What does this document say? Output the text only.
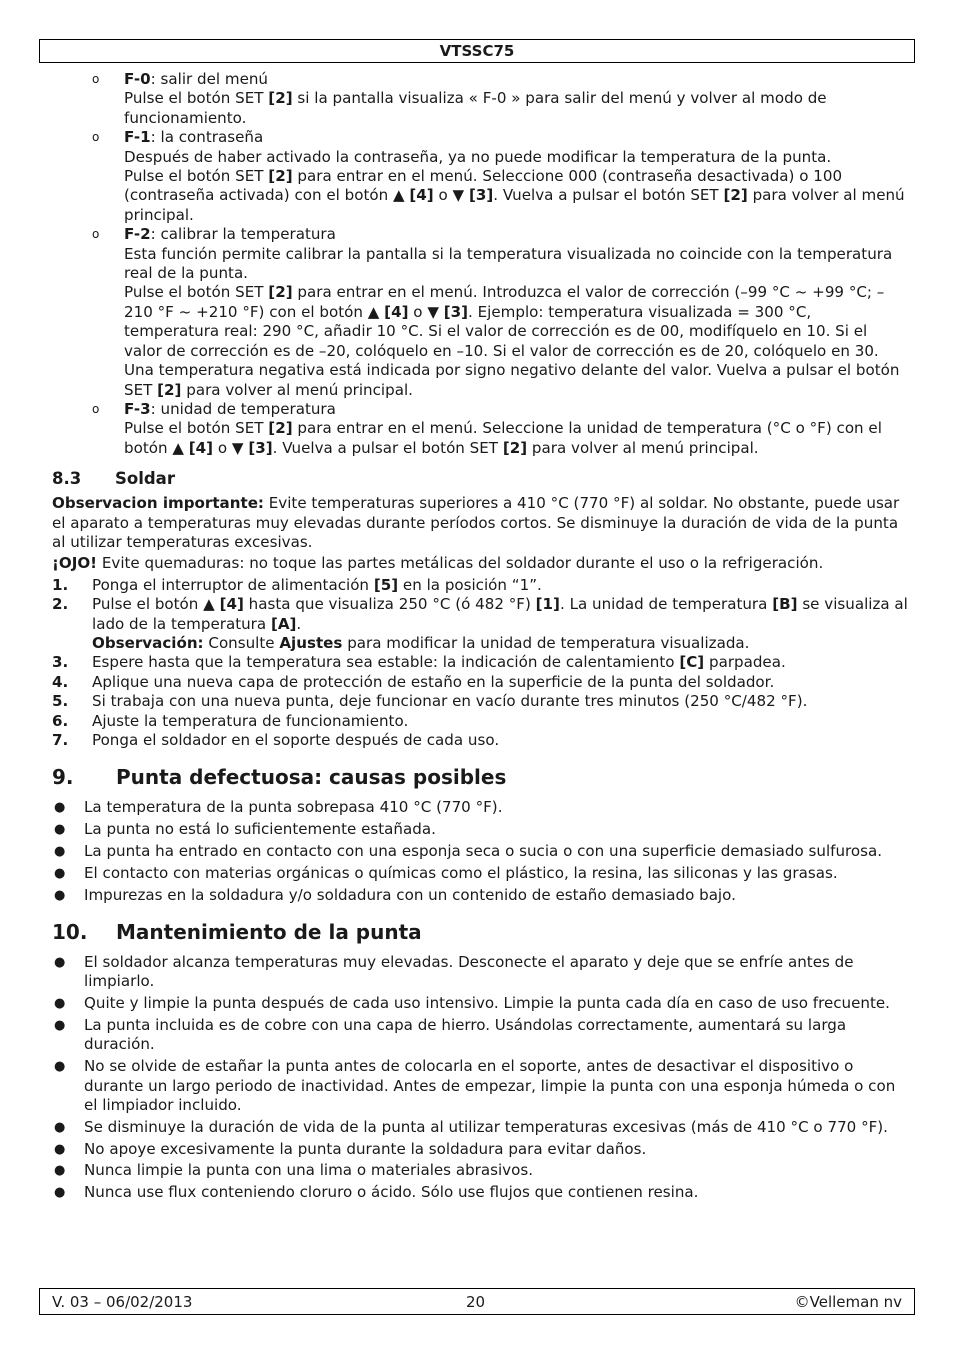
VTSSC75
o F-0: salir del menú

Pulse el botón SET [2] si la pantalla visualiza « F-0 » para salir del menú y volver al modo de funcionamiento.

o F-1: la contraseña

Después de haber activado la contraseña, ya no puede modificar la temperatura de la punta.

Pulse el botón SET [2] para entrar en el menú. Seleccione 000 (contraseña desactivada) o 100 (contraseña activada) con el botón ▲ [4] o ▼ [3]. Vuelva a pulsar el botón SET [2] para volver al menú principal.

o F-2: calibrar la temperatura

Esta función permite calibrar la pantalla si la temperatura visualizada no coincide con la temperatura real de la punta.

Pulse el botón SET [2] para entrar en el menú. Introduzca el valor de corrección (–99 °C ~ +99 °C; –210 °F ~ +210 °F) con el botón ▲ [4] o ▼ [3]. Ejemplo: temperatura visualizada = 300 °C, temperatura real: 290 °C, añadir 10 °C. Si el valor de corrección es de 00, modifíquelo en 10. Si el valor de corrección es de –20, colóquelo en –10. Si el valor de corrección es de 20, colóquelo en 30.

Una temperatura negativa está indicada por signo negativo delante del valor. Vuelva a pulsar el botón SET [2] para volver al menú principal.

o F-3: unidad de temperatura

Pulse el botón SET [2] para entrar en el menú. Seleccione la unidad de temperatura (°C o °F) con el botón ▲ [4] o ▼ [3]. Vuelva a pulsar el botón SET [2] para volver al menú principal.

8.3 Soldar

Observacion importante: Evite temperaturas superiores a 410 °C (770 °F) al soldar. No obstante, puede usar el aparato a temperaturas muy elevadas durante períodos cortos. Se disminuye la duración de vida de la punta al utilizar temperaturas excesivas.

¡OJO! Evite quemaduras: no toque las partes metálicas del soldador durante el uso o la refrigeración.

1. Ponga el interruptor de alimentación [5] en la posición “1”.

2. Pulse el botón ▲ [4] hasta que visualiza 250 °C (ó 482 °F) [1]. La unidad de temperatura [B] se visualiza al lado de la temperatura [A].

Observación: Consulte Ajustes para modificar la unidad de temperatura visualizada.

3. Espere hasta que la temperatura sea estable: la indicación de calentamiento [C] parpadea.

4. Aplique una nueva capa de protección de estaño en la superficie de la punta del soldador.

5. Si trabaja con una nueva punta, deje funcionar en vacío durante tres minutos (250 °C/482 °F).

6. Ajuste la temperatura de funcionamiento.

7. Ponga el soldador en el soporte después de cada uso.

9. Punta defectuosa: causas posibles
● La temperatura de la punta sobrepasa 410 °C (770 °F).
● La punta no está lo suficientemente estañada.
● La punta ha entrado en contacto con una esponja seca o sucia o con una superficie demasiado sulfurosa.
● El contacto con materias orgánicas o químicas como el plástico, la resina, las siliconas y las grasas.
● Impurezas en la soldadura y/o soldadura con un contenido de estaño demasiado bajo.
10. Mantenimiento de la punta
● El soldador alcanza temperaturas muy elevadas. Desconecte el aparato y deje que se enfríe antes de limpiarlo.
● Quite y limpie la punta después de cada uso intensivo. Limpie la punta cada día en caso de uso frecuente.
● La punta incluida es de cobre con una capa de hierro. Usándolas correctamente, aumentará su larga duración.
● No se olvide de estañar la punta antes de colocarla en el soporte, antes de desactivar el dispositivo o durante un largo periodo de inactividad. Antes de empezar, limpie la punta con una esponja húmeda o con el limpiador incluido.
● Se disminuye la duración de vida de la punta al utilizar temperaturas excesivas (más de 410 °C o 770 °F).
● No apoye excesivamente la punta durante la soldadura para evitar daños.
● Nunca limpie la punta con una lima o materiales abrasivos.
● Nunca use flux conteniendo cloruro o ácido. Sólo use flujos que contienen resina.
V. 03 – 06/02/2013	20	©Velleman nv
